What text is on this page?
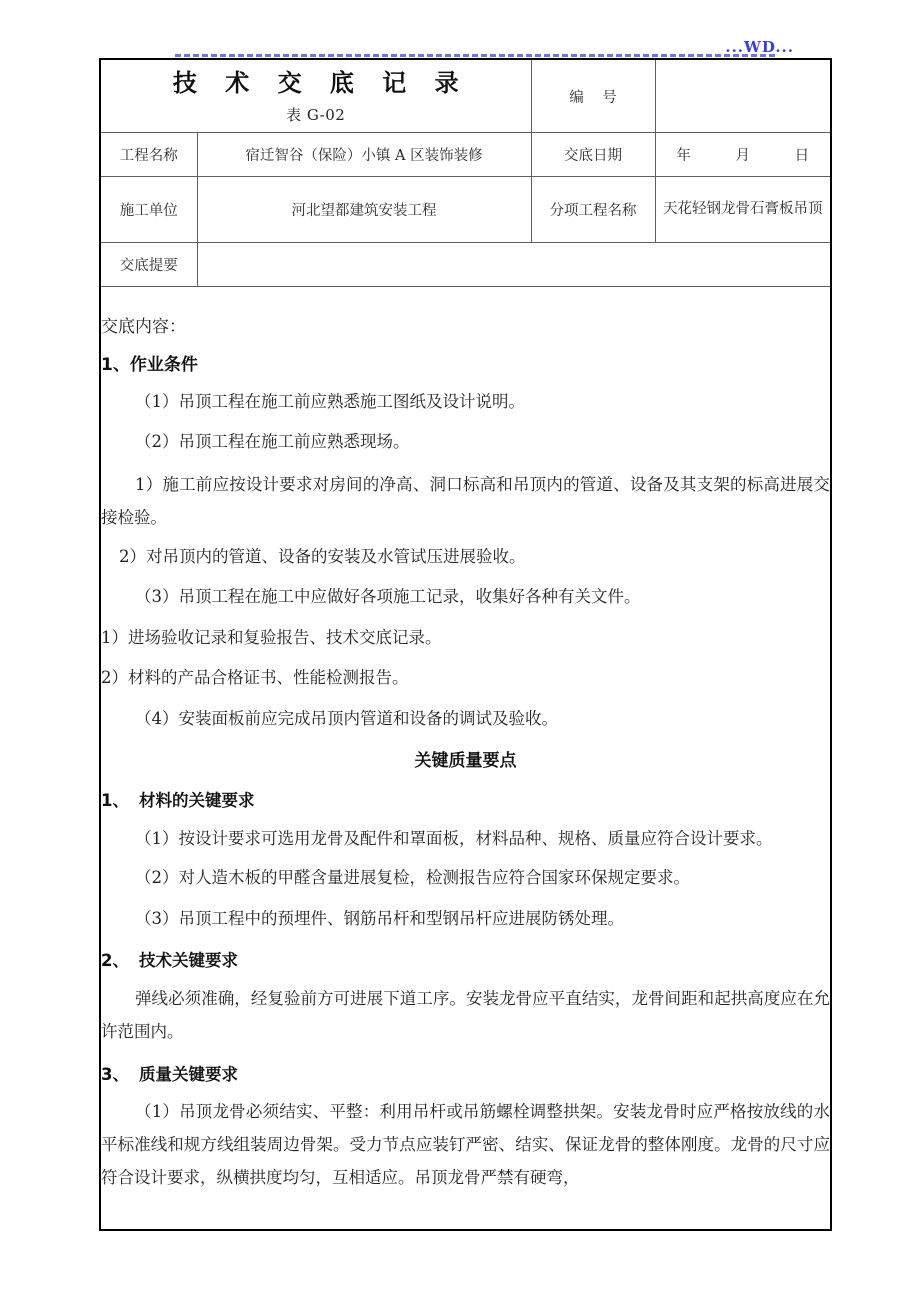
...WD...
技 术 交 底 记 录
表 G-02		编 号	
工程名称	宿迁智谷（保险）小镇 A 区装饰装修	交底日期	年 月 日
施工单位	河北望都建筑安装工程	分项工程名称	天花轻钢龙骨石膏板吊顶
交底提要			

交底内容：

1、作业条件

（1）吊顶工程在施工前应熟悉施工图纸及设计说明。

（2）吊顶工程在施工前应熟悉现场。

1）施工前应按设计要求对房间的净高、洞口标高和吊顶内的管道、设备及其支架的标高进展交接检验。

2）对吊顶内的管道、设备的安装及水管试压进展验收。

（3）吊顶工程在施工中应做好各项施工记录，收集好各种有关文件。

1）进场验收记录和复验报告、技术交底记录。

2）材料的产品合格证书、性能检测报告。

（4）安装面板前应完成吊顶内管道和设备的调试及验收。

关键质量要点

1、 材料的关键要求

（1）按设计要求可选用龙骨及配件和罩面板，材料品种、规格、质量应符合设计要求。

（2）对人造木板的甲醛含量进展复检，检测报告应符合国家环保规定要求。

（3）吊顶工程中的预埋件、钢筋吊杆和型钢吊杆应进展防锈处理。

2、 技术关键要求

弹线必须准确，经复验前方可进展下道工序。安装龙骨应平直结实，龙骨间距和起拱高度应在允许范围内。

3、 质量关键要求

（1）吊顶龙骨必须结实、平整：利用吊杆或吊筋螺栓调整拱架。安装龙骨时应严格按放线的水平标准线和规方线组装周边骨架。受力节点应装钉严密、结实、保证龙骨的整体刚度。龙骨的尺寸应符合设计要求，纵横拱度均匀，互相适应。吊顶龙骨严禁有硬弯，
